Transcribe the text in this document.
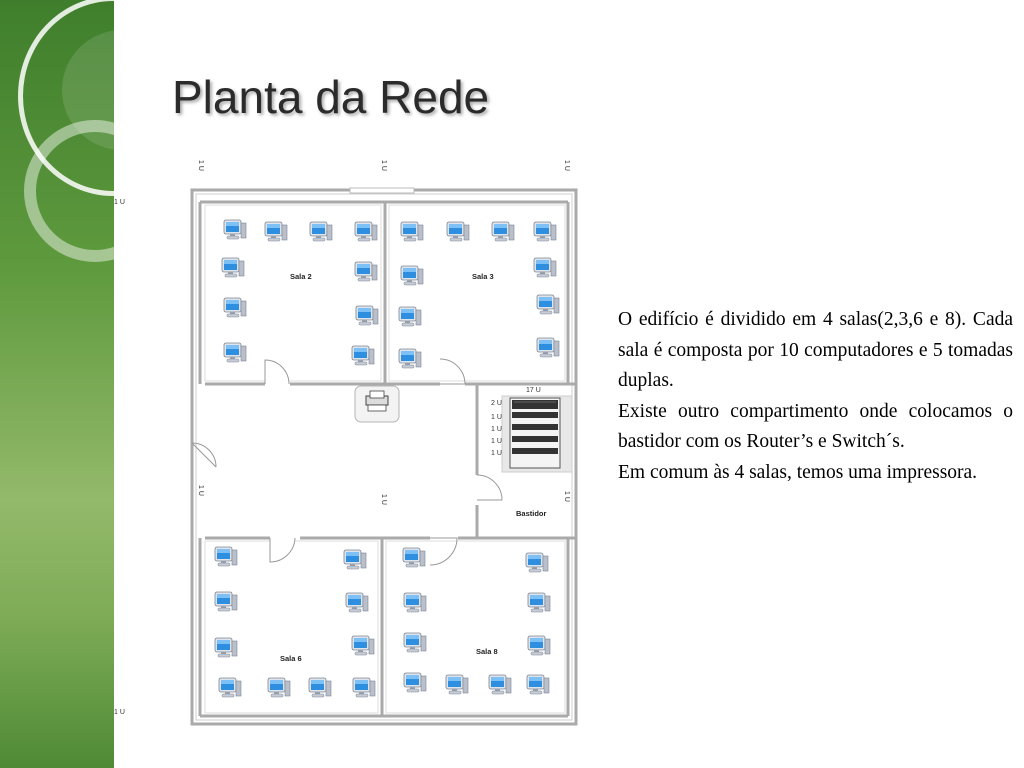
Planta da Rede
Sala 2	Sala 3
Sala 6
Sala 8
Bastidor
17 U
2 U
1 U
1 U
1 U
1 U
1 U
1 U
1 U	1 U	1 U
1 U
1 U	1 U

O edifício é dividido em 4 salas(2,3,6 e 8). Cada sala é composta por 10 computadores e 5 tomadas duplas.

Existe outro compartimento onde colocamos o bastidor com os Router’s e Switch´s.

Em comum às 4 salas, temos uma impressora.
